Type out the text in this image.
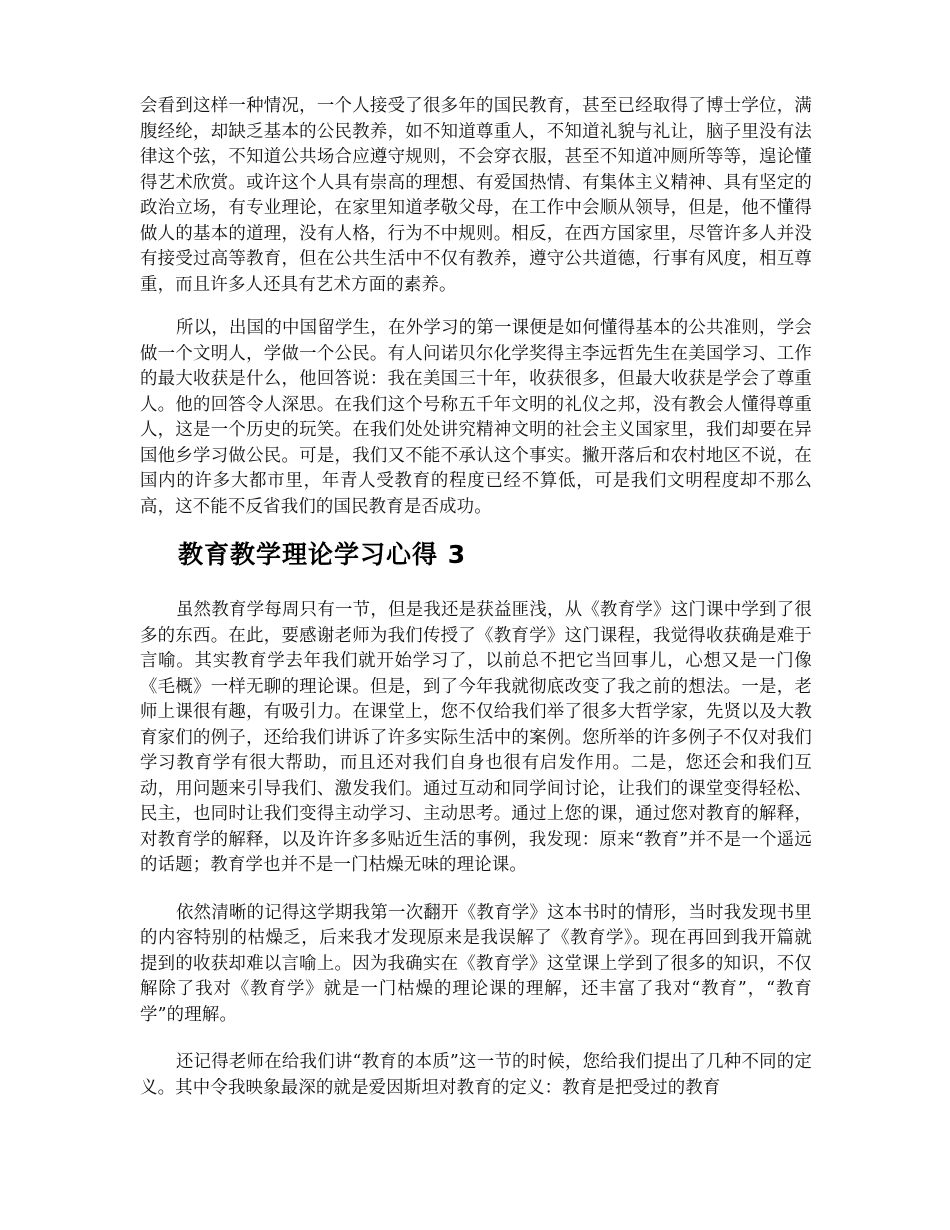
会看到这样一种情况，一个人接受了很多年的国民教育，甚至已经取得了博士学位，满腹经纶，却缺乏基本的公民教养，如不知道尊重人，不知道礼貌与礼让，脑子里没有法律这个弦，不知道公共场合应遵守规则，不会穿衣服，甚至不知道冲厕所等等，遑论懂得艺术欣赏。或许这个人具有崇高的理想、有爱国热情、有集体主义精神、具有坚定的政治立场，有专业理论，在家里知道孝敬父母，在工作中会顺从领导，但是，他不懂得做人的基本的道理，没有人格，行为不中规则。相反，在西方国家里，尽管许多人并没有接受过高等教育，但在公共生活中不仅有教养，遵守公共道德，行事有风度，相互尊重，而且许多人还具有艺术方面的素养。

所以，出国的中国留学生，在外学习的第一课便是如何懂得基本的公共准则，学会做一个文明人，学做一个公民。有人问诺贝尔化学奖得主李远哲先生在美国学习、工作的最大收获是什么，他回答说：我在美国三十年，收获很多，但最大收获是学会了尊重人。他的回答令人深思。在我们这个号称五千年文明的礼仪之邦，没有教会人懂得尊重人，这是一个历史的玩笑。在我们处处讲究精神文明的社会主义国家里，我们却要在异国他乡学习做公民。可是，我们又不能不承认这个事实。撇开落后和农村地区不说，在国内的许多大都市里，年青人受教育的程度已经不算低，可是我们文明程度却不那么高，这不能不反省我们的国民教育是否成功。

教育教学理论学习心得 3

虽然教育学每周只有一节，但是我还是获益匪浅，从《教育学》这门课中学到了很多的东西。在此，要感谢老师为我们传授了《教育学》这门课程，我觉得收获确是难于言喻。其实教育学去年我们就开始学习了，以前总不把它当回事儿，心想又是一门像《毛概》一样无聊的理论课。但是，到了今年我就彻底改变了我之前的想法。一是，老师上课很有趣，有吸引力。在课堂上，您不仅给我们举了很多大哲学家，先贤以及大教育家们的例子，还给我们讲诉了许多实际生活中的案例。您所举的许多例子不仅对我们学习教育学有很大帮助，而且还对我们自身也很有启发作用。二是，您还会和我们互动，用问题来引导我们、激发我们。通过互动和同学间讨论，让我们的课堂变得轻松、民主，也同时让我们变得主动学习、主动思考。通过上您的课，通过您对教育的解释，对教育学的解释，以及许许多多贴近生活的事例，我发现：原来“教育”并不是一个遥远的话题；教育学也并不是一门枯燥无味的理论课。

依然清晰的记得这学期我第一次翻开《教育学》这本书时的情形，当时我发现书里的内容特别的枯燥乏，后来我才发现原来是我误解了《教育学》。现在再回到我开篇就提到的收获却难以言喻上。因为我确实在《教育学》这堂课上学到了很多的知识，不仅解除了我对《教育学》就是一门枯燥的理论课的理解，还丰富了我对“教育”，“教育学”的理解。

还记得老师在给我们讲“教育的本质”这一节的时候，您给我们提出了几种不同的定义。其中令我映象最深的就是爱因斯坦对教育的定义：教育是把受过的教育
